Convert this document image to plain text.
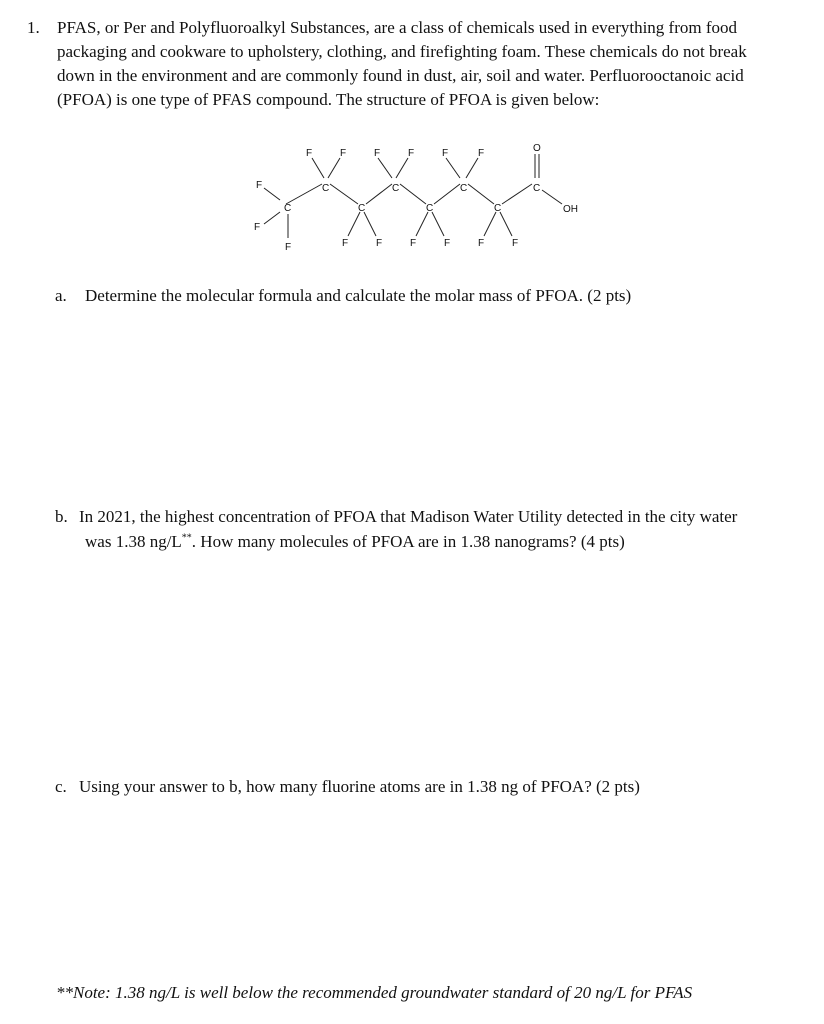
1. PFAS, or Per and Polyfluoroalkyl Substances, are a class of chemicals used in everything from food
packaging and cookware to upholstery, clothing, and firefighting foam. These chemicals do not break
down in the environment and are commonly found in dust, air, soil and water. Perfluorooctanoic acid
(PFOA) is one type of PFAS compound. The structure of PFOA is given below:
C
C
C
C
C
C
C
C
F
F
F
F	F	F	F	F	F
F	F	F	F	F	F
O
OH
a. Determine the molecular formula and calculate the molar mass of PFOA. (2 pts)
b. In 2021, the highest concentration of PFOA that Madison Water Utility detected in the city water
was 1.38 ng/L**. How many molecules of PFOA are in 1.38 nanograms? (4 pts)
c. Using your answer to b, how many fluorine atoms are in 1.38 ng of PFOA? (2 pts)
**Note: 1.38 ng/L is well below the recommended groundwater standard of 20 ng/L for PFAS
